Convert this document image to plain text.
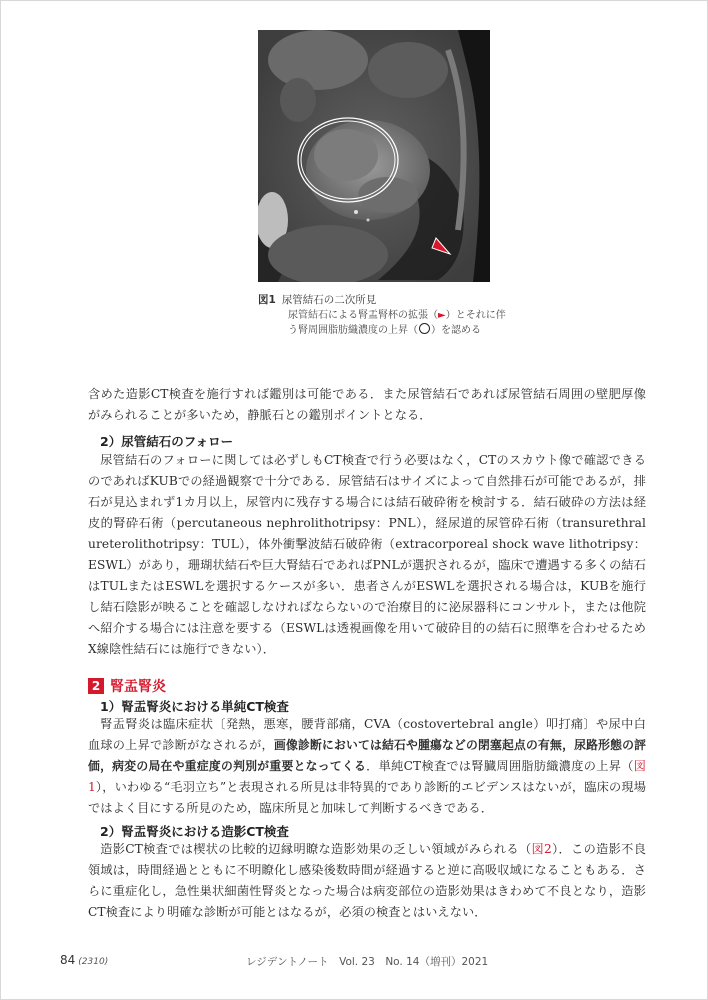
図1 尿管結石の二次所見
尿管結石による腎盂腎杯の拡張（►）とそれに伴う腎周囲脂肪織濃度の上昇（ ）を認める

含めた造影CT検査を施行すれば鑑別は可能である．また尿管結石であれば尿管結石周囲の壁肥厚像がみられることが多いため，静脈石との鑑別ポイントとなる．

2）尿管結石のフォロー

尿管結石のフォローに関しては必ずしもCT検査で行う必要はなく，CTのスカウト像で確認できるのであればKUBでの経過観察で十分である．尿管結石はサイズによって自然排石が可能であるが，排石が見込まれず1カ月以上，尿管内に残存する場合には結石破砕術を検討する．結石破砕の方法は経皮的腎砕石術（percutaneous nephrolithotripsy：PNL），経尿道的尿管砕石術（transurethral ureterolithotripsy：TUL），体外衝撃波結石破砕術（extracorporeal shock wave lithotripsy：ESWL）があり，珊瑚状結石や巨大腎結石であればPNLが選択されるが，臨床で遭遇する多くの結石はTULまたはESWLを選択するケースが多い．患者さんがESWLを選択される場合は，KUBを施行し結石陰影が映ることを確認しなければならないので治療目的に泌尿器科にコンサルト，または他院へ紹介する場合には注意を要する（ESWLは透視画像を用いて破砕目的の結石に照準を合わせるためX線陰性結石には施行できない）．

2 腎盂腎炎
1）腎盂腎炎における単純CT検査

腎盂腎炎は臨床症状〔発熱，悪寒，腰背部痛，CVA（costovertebral angle）叩打痛〕や尿中白血球の上昇で診断がなされるが，画像診断においては結石や腫瘍などの閉塞起点の有無，尿路形態の評価，病変の局在や重症度の判別が重要となってくる．単純CT検査では腎臓周囲脂肪織濃度の上昇（図1），いわゆる“毛羽立ち”と表現される所見は非特異的であり診断的エビデンスはないが，臨床の現場ではよく目にする所見のため，臨床所見と加味して判断するべきである．

2）腎盂腎炎における造影CT検査

造影CT検査では楔状の比較的辺縁明瞭な造影効果の乏しい領域がみられる（図2）．この造影不良領域は，時間経過とともに不明瞭化し感染後数時間が経過すると逆に高吸収域になることもある．さらに重症化し，急性巣状細菌性腎炎となった場合は病変部位の造影効果はきわめて不良となり，造影CT検査により明確な診断が可能とはなるが，必須の検査とはいえない．

84 (2310)	レジデントノート　Vol. 23　No. 14（増刊）2021
